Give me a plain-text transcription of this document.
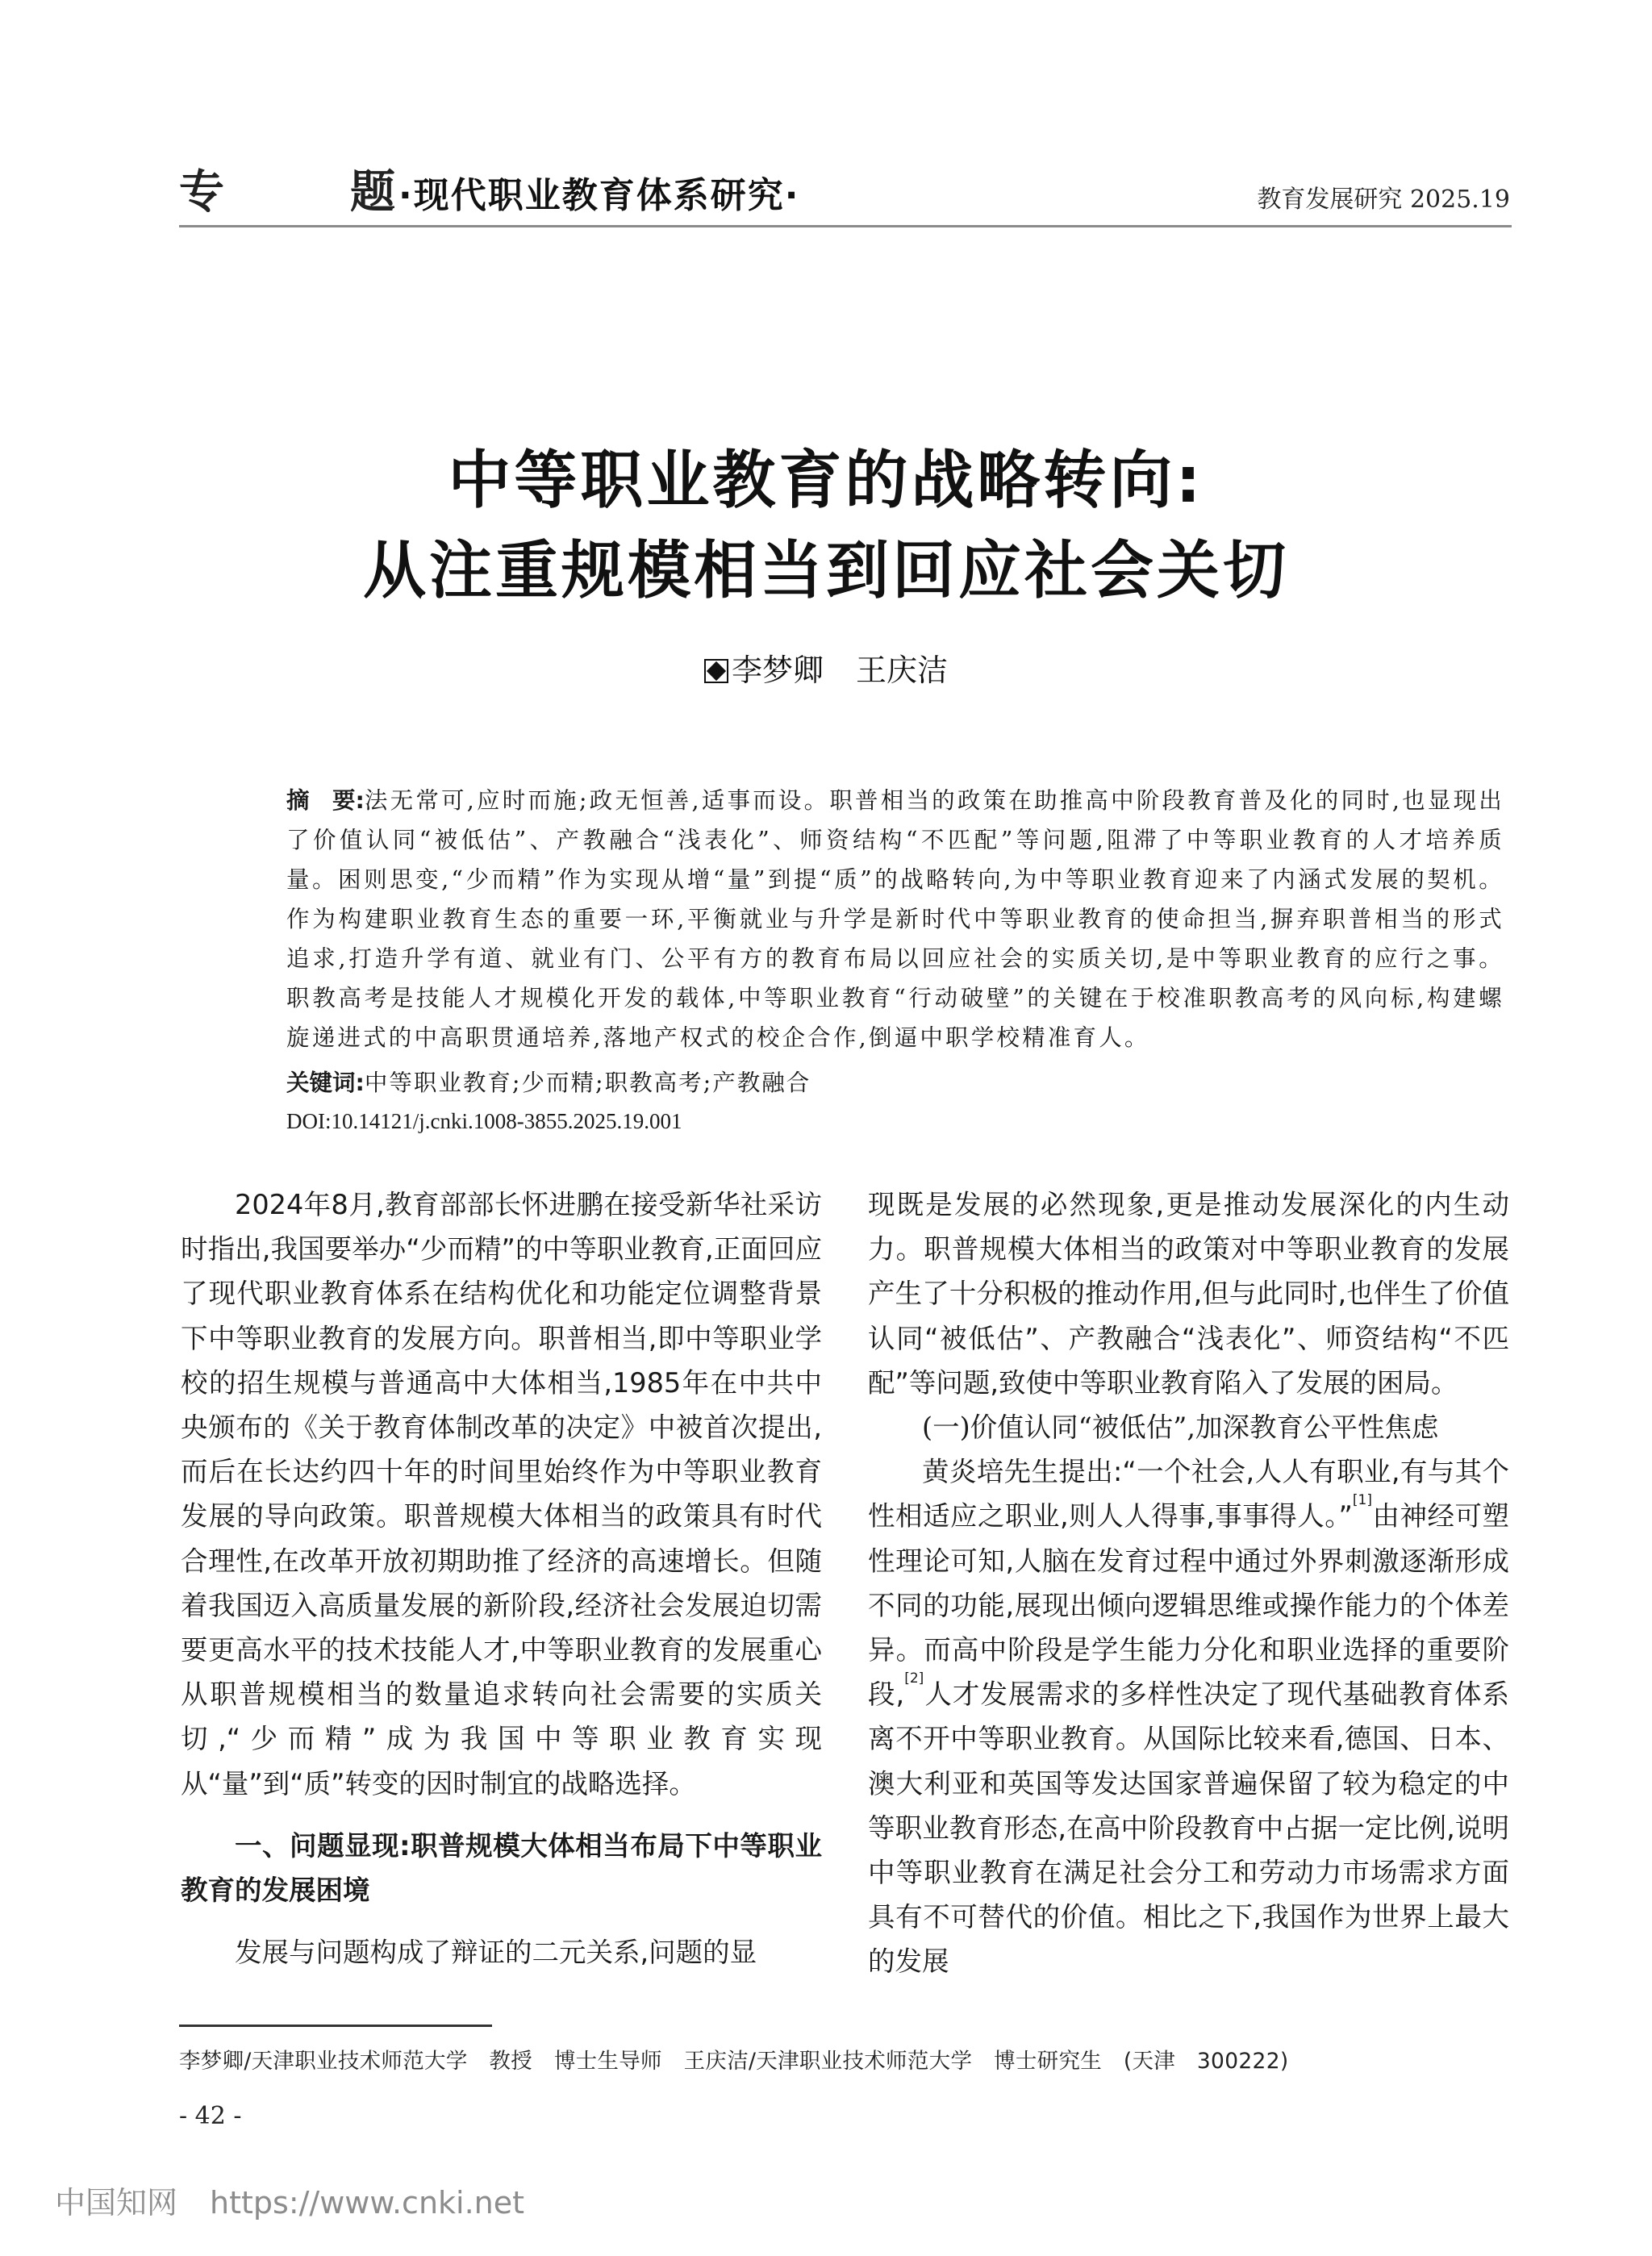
专	题 ·现代职业教育体系研究·	教育发展研究 2025.19
中等职业教育的战略转向:
从注重规模相当到回应社会关切
李梦卿 王庆洁
摘　要:法无常可,应时而施;政无恒善,适事而设。职普相当的政策在助推高中阶段教育普及化的同时,也显现出了价值认同“被低估”、产教融合“浅表化”、师资结构“不匹配”等问题,阻滞了中等职业教育的人才培养质量。困则思变,“少而精”作为实现从增“量”到提“质”的战略转向,为中等职业教育迎来了内涵式发展的契机。作为构建职业教育生态的重要一环,平衡就业与升学是新时代中等职业教育的使命担当,摒弃职普相当的形式追求,打造升学有道、就业有门、公平有方的教育布局以回应社会的实质关切,是中等职业教育的应行之事。职教高考是技能人才规模化开发的载体,中等职业教育“行动破壁”的关键在于校准职教高考的风向标,构建螺旋递进式的中高职贯通培养,落地产权式的校企合作,倒逼中职学校精准育人。
关键词:中等职业教育;少而精;职教高考;产教融合
DOI:10.14121/j.cnki.1008-3855.2025.19.001

2024年8月,教育部部长怀进鹏在接受新华社采访时指出,我国要举办“少而精”的中等职业教育,正面回应了现代职业教育体系在结构优化和功能定位调整背景下中等职业教育的发展方向。职普相当,即中等职业学校的招生规模与普通高中大体相当,1985年在中共中央颁布的《关于教育体制改革的决定》中被首次提出,而后在长达约四十年的时间里始终作为中等职业教育发展的导向政策。职普规模大体相当的政策具有时代合理性,在改革开放初期助推了经济的高速增长。但随着我国迈入高质量发展的新阶段,经济社会发展迫切需要更高水平的技术技能人才,中等职业教育的发展重心从职普规模相当的数量追求转向社会需要的实质关切,“少而精”成为我国中等职业教育实现从“量”到“质”转变的因时制宜的战略选择。

一、问题显现:职普规模大体相当布局下中等职业教育的发展困境

发展与问题构成了辩证的二元关系,问题的显

现既是发展的必然现象,更是推动发展深化的内生动力。职普规模大体相当的政策对中等职业教育的发展产生了十分积极的推动作用,但与此同时,也伴生了价值认同“被低估”、产教融合“浅表化”、师资结构“不匹配”等问题,致使中等职业教育陷入了发展的困局。

(一)价值认同“被低估”,加深教育公平性焦虑

黄炎培先生提出:“一个社会,人人有职业,有与其个性相适应之职业,则人人得事,事事得人。”[1]由神经可塑性理论可知,人脑在发育过程中通过外界刺激逐渐形成不同的功能,展现出倾向逻辑思维或操作能力的个体差异。而高中阶段是学生能力分化和职业选择的重要阶段,[2]人才发展需求的多样性决定了现代基础教育体系离不开中等职业教育。从国际比较来看,德国、日本、澳大利亚和英国等发达国家普遍保留了较为稳定的中等职业教育形态,在高中阶段教育中占据一定比例,说明中等职业教育在满足社会分工和劳动力市场需求方面具有不可替代的价值。相比之下,我国作为世界上最大的发展

李梦卿/天津职业技术师范大学　教授　博士生导师　王庆洁/天津职业技术师范大学　博士研究生　(天津　300222)
- 42 -
中国知网 https://www.cnki.net
